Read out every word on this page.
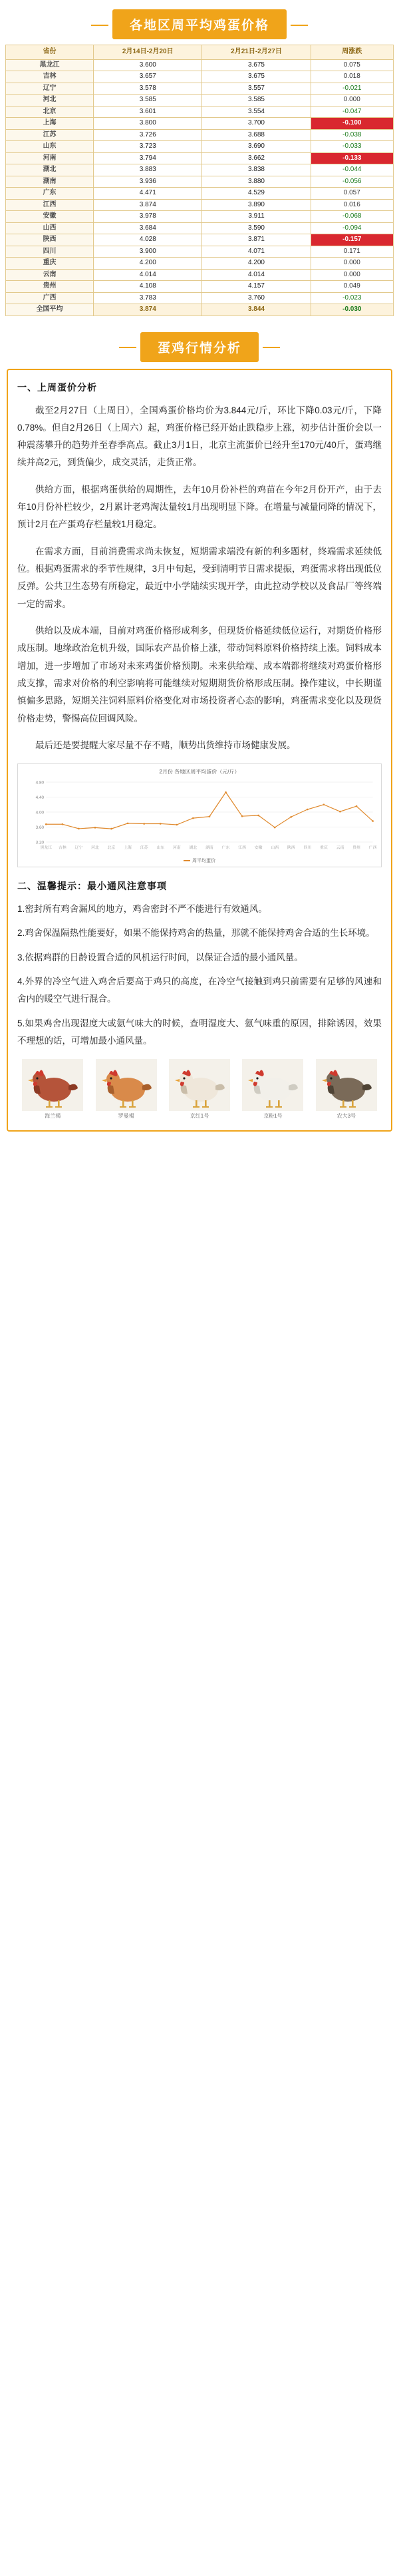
各地区周平均鸡蛋价格
省份	2月14日-2月20日	2月21日-2月27日	周涨跌
黑龙江	3.600	3.675	0.075
吉林	3.657	3.675	0.018
辽宁	3.578	3.557	-0.021
河北	3.585	3.585	0.000
北京	3.601	3.554	-0.047
上海	3.800	3.700	-0.100

江苏	3.726	3.688	-0.038
山东	3.723	3.690	-0.033
河南	3.794	3.662	-0.133

湖北	3.883	3.838	-0.044
湖南	3.936	3.880	-0.056
广东	4.471	4.529	0.057
江西	3.874	3.890	0.016
安徽	3.978	3.911	-0.068
山西	3.684	3.590	-0.094
陕西	4.028	3.871	-0.157

四川	3.900	4.071	0.171
重庆	4.200	4.200	0.000
云南	4.014	4.014	0.000
贵州	4.108	4.157	0.049
广西	3.783	3.760	-0.023
全国平均	3.874	3.844	-0.030
蛋鸡行情分析
一、上周蛋价分析

截至2月27日（上周日），全国鸡蛋价格均价为3.844元/斤，环比下降0.03元/斤，下降0.78%。但自2月26日（上周六）起，鸡蛋价格已经开始止跌稳步上涨，初步估计蛋价会以一种震荡攀升的趋势并至春季高点。截止3月1日，北京主流蛋价已经升至170元/40斤，蛋鸡继续并高2元，到货偏少，成交灵活，走货正常。

供给方面，根据鸡蛋供给的周期性，去年10月份补栏的鸡苗在今年2月份开产，由于去年10月份补栏较少，2月累计老鸡淘汰量较1月出现明显下降。在增量与减量同降的情况下，预计2月在产蛋鸡存栏量较1月稳定。

在需求方面，目前消费需求尚未恢复，短期需求端没有新的利多题材，终端需求延续低位。根据鸡蛋需求的季节性规律，3月中旬起，受到清明节日需求提振，鸡蛋需求将出现低位反弹。公共卫生态势有所稳定，最近中小学陆续实现开学，由此拉动学校以及食品厂等终端一定的需求。

供给以及成本端，目前对鸡蛋价格形成利多，但现货价格延续低位运行，对期货价格形成压制。地缘政治危机升级，国际农产品价格上涨，带动饲料原料价格持续上涨。饲料成本增加，进一步增加了市场对未来鸡蛋价格预期。未来供给端、成本端都将继续对鸡蛋价格形成支撑，需求对价格的利空影响将可能继续对短期期货价格形成压制。操作建议，中长期谨慎偏多思路，短期关注饲料原料价格变化对市场投资者心态的影响，鸡蛋需求变化以及现货价格走势，警惕高位回调风险。

最后还是要提醒大家尽量不存不赌，顺势出货维持市场健康发展。

2月份 各地区周平均蛋价（元/斤）
3.20
3.60
4.00
4.40
4.80
黑龙江 吉林 辽宁 河北 北京 上海 江苏 山东 河南 湖北 湖南 广东 江西 安徽 山西 陕西 四川 重庆 云南 贵州 广西
周平均蛋价
二、温馨提示：最小通风注意事项

1.密封所有鸡舍漏风的地方，鸡舍密封不严不能进行有效通风。

2.鸡舍保温隔热性能要好，如果不能保持鸡舍的热量，那就不能保持鸡舍合适的生长环境。

3.依据鸡群的日龄设置合适的风机运行时间，以保证合适的最小通风量。

4.外界的冷空气进入鸡舍后要高于鸡只的高度，在冷空气接触到鸡只前需要有足够的风速和舍内的暖空气进行混合。

5.如果鸡舍出现湿度大或氨气味大的时候，查明湿度大、氨气味重的原因，排除诱因，效果不理想的话，可增加最小通风量。

海兰褐	罗曼褐	京红1号	京粉1号	农大3号
